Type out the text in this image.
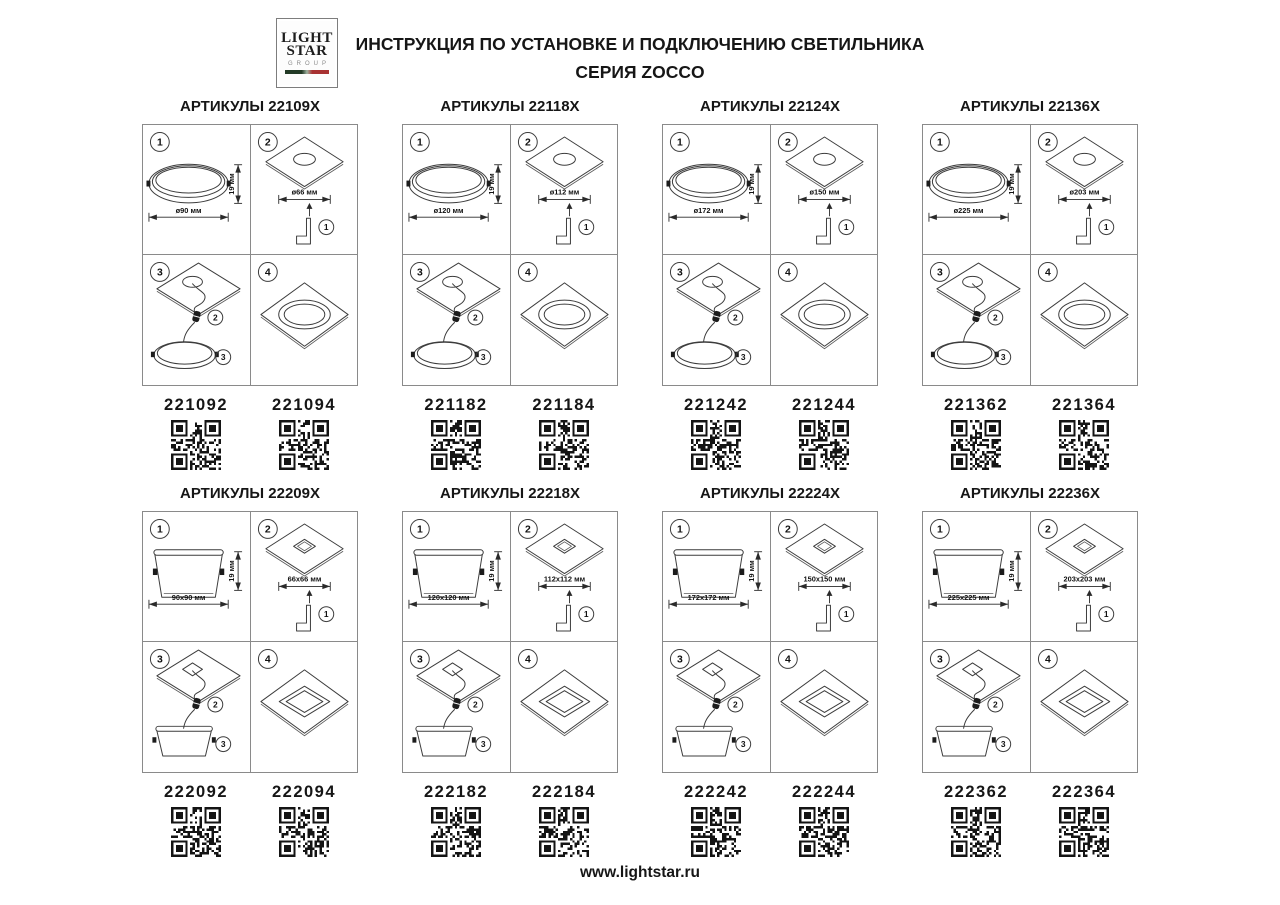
LIGHT
STAR
GROUP
ИНСТРУКЦИЯ ПО УСТАНОВКЕ И ПОДКЛЮЧЕНИЮ СВЕТИЛЬНИКА
СЕРИЯ ZOCCO
АРТИКУЛЫ 22109X
1
ø90 мм
19 мм
2
ø66 мм
1
3
2
3
4
221092	221094
АРТИКУЛЫ 22118X
1
ø120 мм
19 мм
2
ø112 мм
1
3
2
3
4
221182	221184
АРТИКУЛЫ 22124X
1
ø172 мм
19 мм
2
ø150 мм
1
3
2
3
4
221242	221244
АРТИКУЛЫ 22136X
1
ø225 мм
19 мм
2
ø203 мм
1
3
2
3
4
221362	221364
АРТИКУЛЫ 22209X
1
90х90 мм
19 мм
2
66х66 мм
1
3
2
3
4
222092	222094
АРТИКУЛЫ 22218X
1
120х120 мм
19 мм
2
112х112 мм
1
3
2
3
4
222182	222184
АРТИКУЛЫ 22224X
1
172х172 мм
19 мм
2
150х150 мм
1
3
2
3
4
222242	222244
АРТИКУЛЫ 22236X
1
225х225 мм
19 мм
2
203х203 мм
1
3
2
3
4
222362	222364
www.lightstar.ru
